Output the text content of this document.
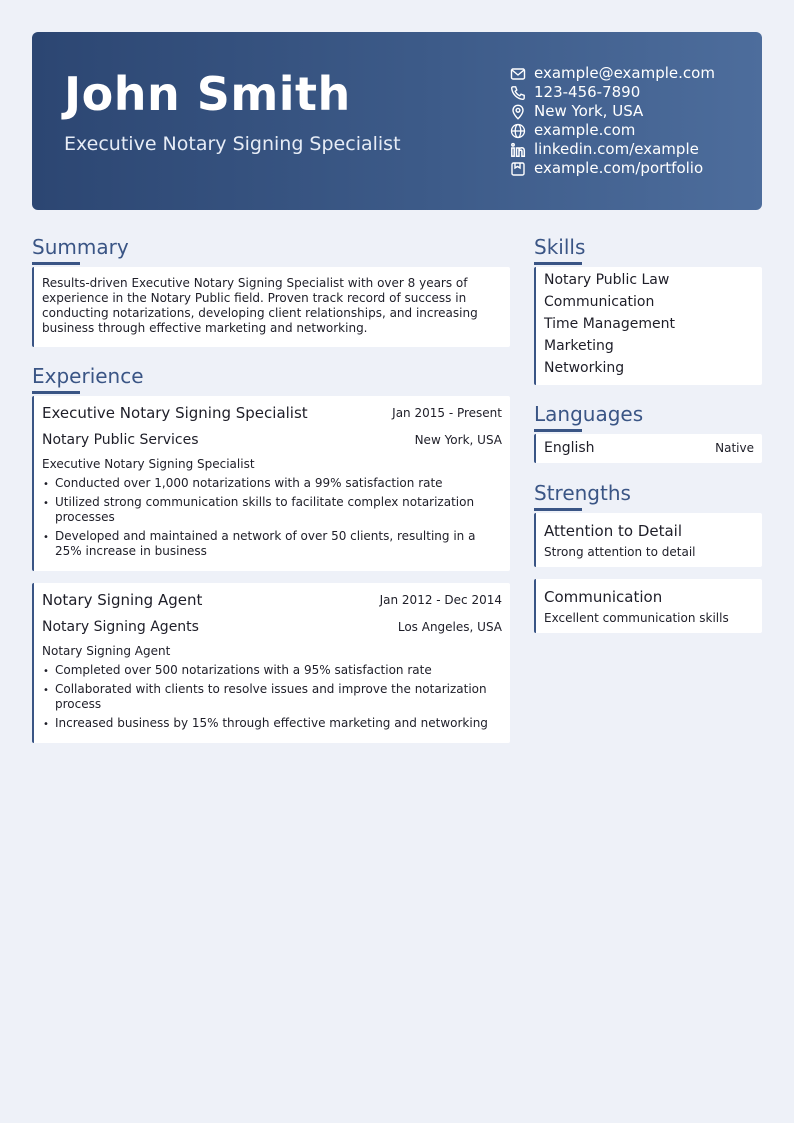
John Smith
Executive Notary Signing Specialist
example@example.com
123-456-7890
New York, USA
example.com
linkedin.com/example
example.com/portfolio
Summary
Results-driven Executive Notary Signing Specialist with over 8 years of experience in the Notary Public field. Proven track record of success in conducting notarizations, developing client relationships, and increasing business through effective marketing and networking.
Experience
Executive Notary Signing Specialist	Jan 2015 - Present
Notary Public Services	New York, USA
Executive Notary Signing Specialist
• Conducted over 1,000 notarizations with a 99% satisfaction rate
• Utilized strong communication skills to facilitate complex notarization processes
• Developed and maintained a network of over 50 clients, resulting in a 25% increase in business
Notary Signing Agent	Jan 2012 - Dec 2014
Notary Signing Agents	Los Angeles, USA
Notary Signing Agent
• Completed over 500 notarizations with a 95% satisfaction rate
• Collaborated with clients to resolve issues and improve the notarization process
• Increased business by 15% through effective marketing and networking
Skills
Notary Public Law
Communication
Time Management
Marketing
Networking
Languages
English	Native
Strengths
Attention to Detail
Strong attention to detail
Communication
Excellent communication skills
